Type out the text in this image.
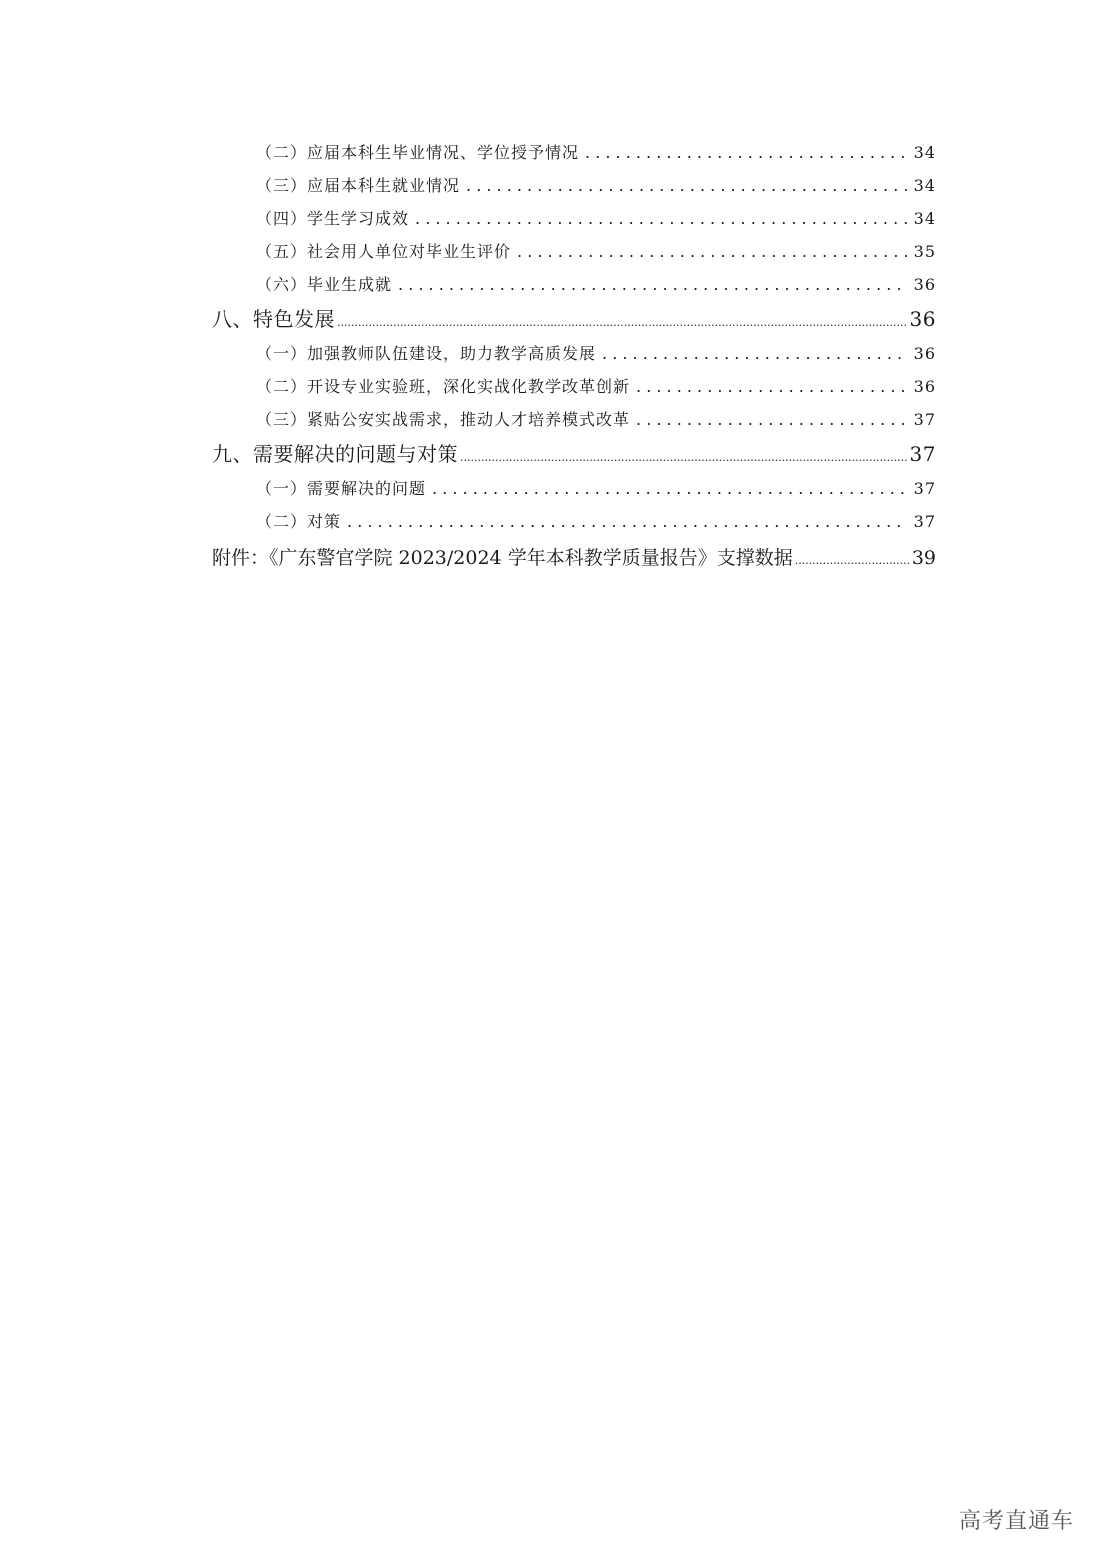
（二）应届本科生毕业情况、学位授予情况 . . .	34
（三）应届本科生就业情况 . . .	34
（四）学生学习成效 . . .	34
（五）社会用人单位对毕业生评价 . . .	35
（六）毕业生成就 . . .	36
八、特色发展 .....	36
（一）加强教师队伍建设，助力教学高质发展 . . .	36
（二）开设专业实验班，深化实战化教学改革创新 . . .	36
（三）紧贴公安实战需求，推动人才培养模式改革 . . .	37
九、需要解决的问题与对策 .....	37
（一）需要解决的问题 . . .	37
（二）对策 . . .	37
附件：《广东警官学院 2023/2024 学年本科教学质量报告》支撑数据 .....	39
高考直通车
